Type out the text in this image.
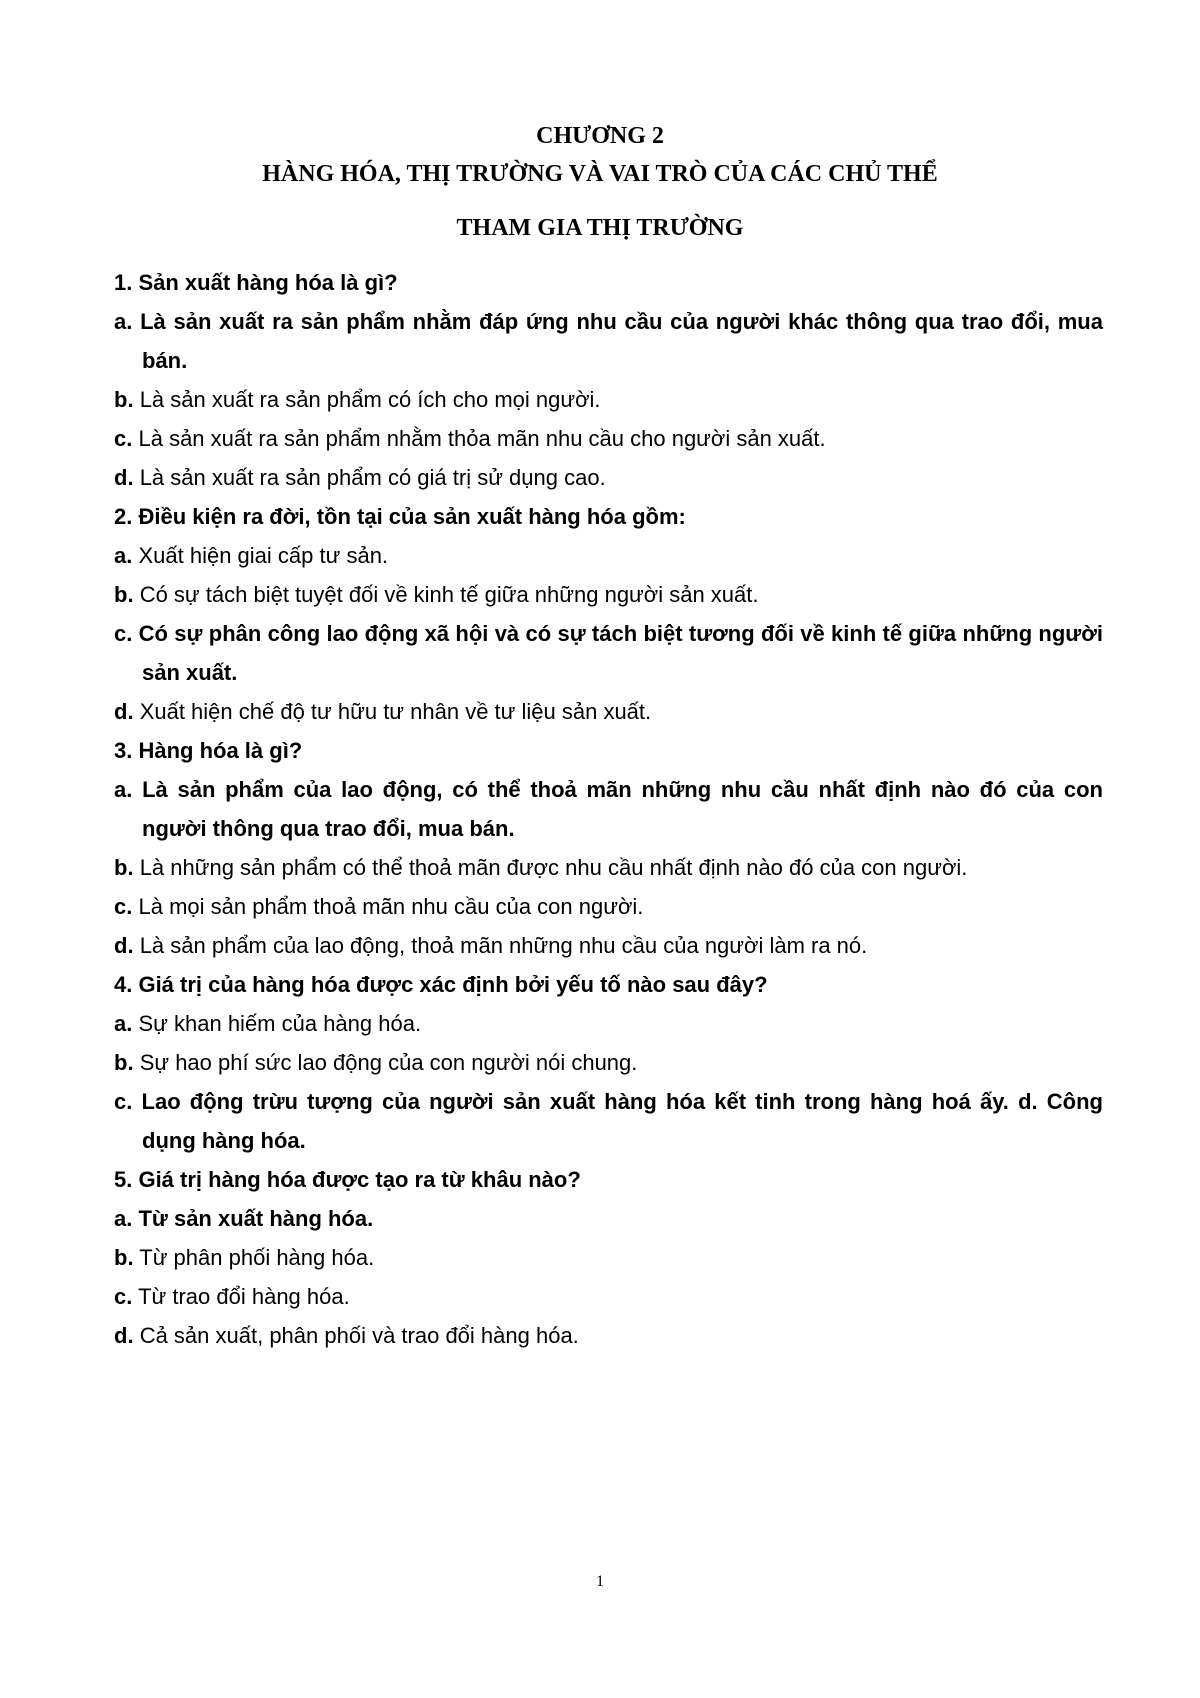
CHƯƠNG 2

HÀNG HÓA, THỊ TRƯỜNG VÀ VAI TRÒ CỦA CÁC CHỦ THỂ

THAM GIA THỊ TRƯỜNG

1. Sản xuất hàng hóa là gì?

a. Là sản xuất ra sản phẩm nhằm đáp ứng nhu cầu của người khác thông qua trao đổi, mua bán.

b. Là sản xuất ra sản phẩm có ích cho mọi người.

c. Là sản xuất ra sản phẩm nhằm thỏa mãn nhu cầu cho người sản xuất.

d. Là sản xuất ra sản phẩm có giá trị sử dụng cao.

2. Điều kiện ra đời, tồn tại của sản xuất hàng hóa gồm:

a. Xuất hiện giai cấp tư sản.

b. Có sự tách biệt tuyệt đối về kinh tế giữa những người sản xuất.

c. Có sự phân công lao động xã hội và có sự tách biệt tương đối về kinh tế giữa những người sản xuất.

d. Xuất hiện chế độ tư hữu tư nhân về tư liệu sản xuất.

3. Hàng hóa là gì?

a. Là sản phẩm của lao động, có thể thoả mãn những nhu cầu nhất định nào đó của con người thông qua trao đổi, mua bán.

b. Là những sản phẩm có thể thoả mãn được nhu cầu nhất định nào đó của con người.

c. Là mọi sản phẩm thoả mãn nhu cầu của con người.

d. Là sản phẩm của lao động, thoả mãn những nhu cầu của người làm ra nó.

4. Giá trị của hàng hóa được xác định bởi yếu tố nào sau đây?

a. Sự khan hiếm của hàng hóa.

b. Sự hao phí sức lao động của con người nói chung.

c. Lao động trừu tượng của người sản xuất hàng hóa kết tinh trong hàng hoá ấy. d. Công dụng hàng hóa.

5. Giá trị hàng hóa được tạo ra từ khâu nào?

a. Từ sản xuất hàng hóa.

b. Từ phân phối hàng hóa.

c. Từ trao đổi hàng hóa.

d. Cả sản xuất, phân phối và trao đổi hàng hóa.

1
